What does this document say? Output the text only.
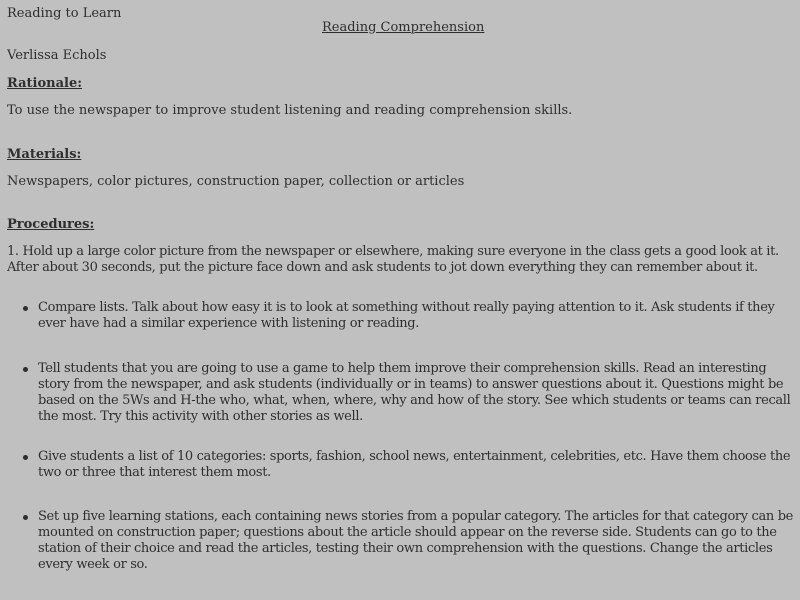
Reading to Learn
Reading Comprehension
Verlissa Echols
Rationale:
To use the newspaper to improve student listening and reading comprehension skills.
Materials:
Newspapers, color pictures, construction paper, collection or articles
Procedures:
1. Hold up a large color picture from the newspaper or elsewhere, making sure everyone in the class gets a good look at it. After about 30 seconds, put the picture face down and ask students to jot down everything they can remember about it.
Compare lists. Talk about how easy it is to look at something without really paying attention to it. Ask students if they ever have had a similar experience with listening or reading.
Tell students that you are going to use a game to help them improve their comprehension skills. Read an interesting story from the newspaper, and ask students (individually or in teams) to answer questions about it. Questions might be based on the 5Ws and H-the who, what, when, where, why and how of the story. See which students or teams can recall the most. Try this activity with other stories as well.
Give students a list of 10 categories: sports, fashion, school news, entertainment, celebrities, etc. Have them choose the two or three that interest them most.
Set up five learning stations, each containing news stories from a popular category. The articles for that category can be mounted on construction paper; questions about the article should appear on the reverse side. Students can go to the station of their choice and read the articles, testing their own comprehension with the questions. Change the articles every week or so.
